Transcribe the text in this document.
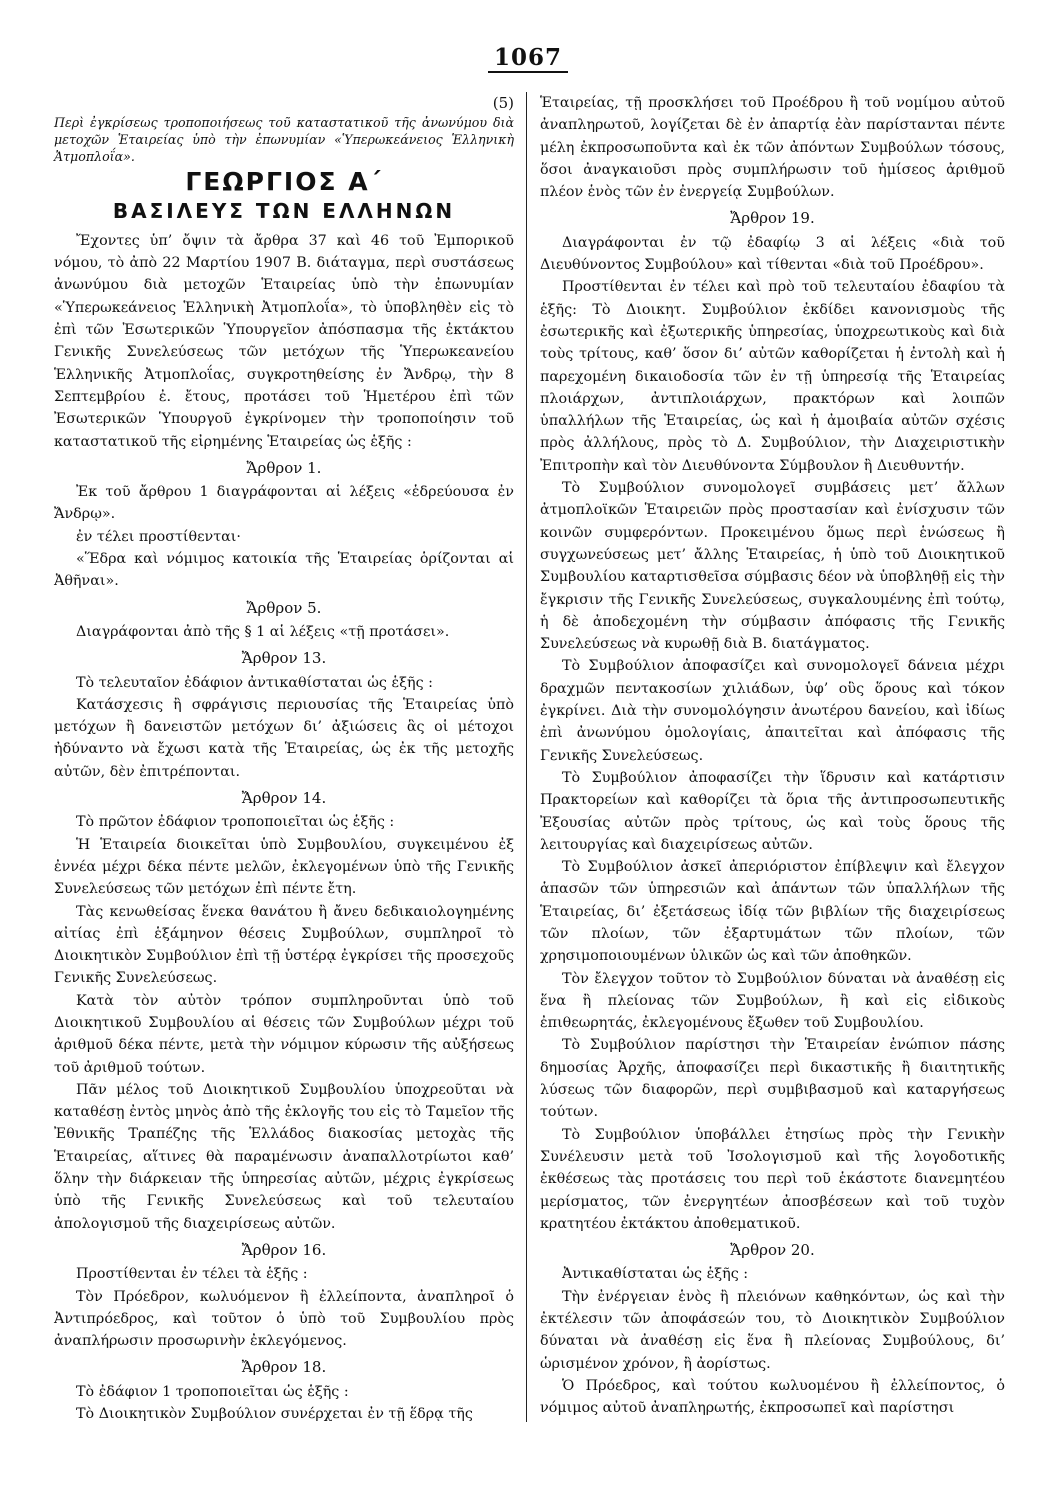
1067

(5)

Περὶ ἐγκρίσεως τροποποιήσεως τοῦ καταστατικοῦ τῆς ἀνωνύμου διὰ μετοχῶν Ἑταιρείας ὑπὸ τὴν ἐπωνυμίαν «Ὑπερωκεάνειος Ἑλληνικὴ Ἀτμοπλοΐα».

ΓΕΩΡΓΙΟΣ Α΄
ΒΑΣΙΛΕΥΣ ΤΩΝ ΕΛΛΗΝΩΝ

Ἔχοντες ὑπ’ ὄψιν τὰ ἄρθρα 37 καὶ 46 τοῦ Ἐμπορικοῦ νόμου, τὸ ἀπὸ 22 Μαρτίου 1907 Β. διάταγμα, περὶ συστάσεως ἀνωνύμου διὰ μετοχῶν Ἑταιρείας ὑπὸ τὴν ἐπωνυμίαν «Ὑπερωκεάνειος Ἑλληνικὴ Ἀτμοπλοΐα», τὸ ὑποβληθὲν εἰς τὸ ἐπὶ τῶν Ἐσωτερικῶν Ὑπουργεῖον ἀπόσπασμα τῆς ἐκτάκτου Γενικῆς Συνελεύσεως τῶν μετόχων τῆς Ὑπερωκεανείου Ἑλληνικῆς Ἀτμοπλοΐας, συγκροτηθείσης ἐν Ἄνδρῳ, τὴν 8 Σεπτεμβρίου ἐ. ἔτους, προτάσει τοῦ Ἡμετέρου ἐπὶ τῶν Ἐσωτερικῶν Ὑπουργοῦ ἐγκρίνομεν τὴν τροποποίησιν τοῦ καταστατικοῦ τῆς εἰρημένης Ἑταιρείας ὡς ἑξῆς :

Ἄρθρον 1.

Ἐκ τοῦ ἄρθρου 1 διαγράφονται αἱ λέξεις «ἑδρεύουσα ἐν Ἄνδρῳ».

ἐν τέλει προστίθενται·

«Ἕδρα καὶ νόμιμος κατοικία τῆς Ἑταιρείας ὁρίζονται αἱ Ἀθῆναι».

Ἄρθρον 5.

Διαγράφονται ἀπὸ τῆς § 1 αἱ λέξεις «τῇ προτάσει».

Ἄρθρον 13.

Τὸ τελευταῖον ἐδάφιον ἀντικαθίσταται ὡς ἑξῆς :

Κατάσχεσις ἢ σφράγισις περιουσίας τῆς Ἑταιρείας ὑπὸ μετόχων ἢ δανειστῶν μετόχων δι’ ἀξιώσεις ἃς οἱ μέτοχοι ἠδύναντο νὰ ἔχωσι κατὰ τῆς Ἑταιρείας, ὡς ἐκ τῆς μετοχῆς αὐτῶν, δὲν ἐπιτρέπονται.

Ἄρθρον 14.

Τὸ πρῶτον ἐδάφιον τροποποιεῖται ὡς ἑξῆς :

Ἡ Ἑταιρεία διοικεῖται ὑπὸ Συμβουλίου, συγκειμένου ἐξ ἐννέα μέχρι δέκα πέντε μελῶν, ἐκλεγομένων ὑπὸ τῆς Γενικῆς Συνελεύσεως τῶν μετόχων ἐπὶ πέντε ἔτη.

Τὰς κενωθείσας ἕνεκα θανάτου ἢ ἄνευ δεδικαιολογημένης αἰτίας ἐπὶ ἑξάμηνον θέσεις Συμβούλων, συμπληροῖ τὸ Διοικητικὸν Συμβούλιον ἐπὶ τῇ ὑστέρᾳ ἐγκρίσει τῆς προσεχοῦς Γενικῆς Συνελεύσεως.

Κατὰ τὸν αὐτὸν τρόπον συμπληροῦνται ὑπὸ τοῦ Διοικητικοῦ Συμβουλίου αἱ θέσεις τῶν Συμβούλων μέχρι τοῦ ἀριθμοῦ δέκα πέντε, μετὰ τὴν νόμιμον κύρωσιν τῆς αὐξήσεως τοῦ ἀριθμοῦ τούτων.

Πᾶν μέλος τοῦ Διοικητικοῦ Συμβουλίου ὑποχρεοῦται νὰ καταθέσῃ ἐντὸς μηνὸς ἀπὸ τῆς ἐκλογῆς του εἰς τὸ Ταμεῖον τῆς Ἐθνικῆς Τραπέζης τῆς Ἑλλάδος διακοσίας μετοχὰς τῆς Ἑταιρείας, αἵτινες θὰ παραμένωσιν ἀναπαλλοτρίωτοι καθ’ ὅλην τὴν διάρκειαν τῆς ὑπηρεσίας αὐτῶν, μέχρις ἐγκρίσεως ὑπὸ τῆς Γενικῆς Συνελεύσεως καὶ τοῦ τελευταίου ἀπολογισμοῦ τῆς διαχειρίσεως αὐτῶν.

Ἄρθρον 16.

Προστίθενται ἐν τέλει τὰ ἑξῆς :

Τὸν Πρόεδρον, κωλυόμενον ἢ ἐλλείποντα, ἀναπληροῖ ὁ Ἀντιπρόεδρος, καὶ τοῦτον ὁ ὑπὸ τοῦ Συμβουλίου πρὸς ἀναπλήρωσιν προσωρινὴν ἐκλεγόμενος.

Ἄρθρον 18.

Τὸ ἐδάφιον 1 τροποποιεῖται ὡς ἑξῆς :

Τὸ Διοικητικὸν Συμβούλιον συνέρχεται ἐν τῇ ἕδρᾳ τῆς

Ἑταιρείας, τῇ προσκλήσει τοῦ Προέδρου ἢ τοῦ νομίμου αὐτοῦ ἀναπληρωτοῦ, λογίζεται δὲ ἐν ἀπαρτίᾳ ἐὰν παρίστανται πέντε μέλη ἐκπροσωποῦντα καὶ ἐκ τῶν ἀπόντων Συμβούλων τόσους, ὅσοι ἀναγκαιοῦσι πρὸς συμπλήρωσιν τοῦ ἡμίσεος ἀριθμοῦ πλέον ἑνὸς τῶν ἐν ἐνεργείᾳ Συμβούλων.

Ἄρθρον 19.

Διαγράφονται ἐν τῷ ἐδαφίῳ 3 αἱ λέξεις «διὰ τοῦ Διευθύνοντος Συμβούλου» καὶ τίθενται «διὰ τοῦ Προέδρου».

Προστίθενται ἐν τέλει καὶ πρὸ τοῦ τελευταίου ἐδαφίου τὰ ἑξῆς: Τὸ Διοικητ. Συμβούλιον ἐκδίδει κανονισμοὺς τῆς ἐσωτερικῆς καὶ ἐξωτερικῆς ὑπηρεσίας, ὑποχρεωτικοὺς καὶ διὰ τοὺς τρίτους, καθ’ ὅσον δι’ αὐτῶν καθορίζεται ἡ ἐντολὴ καὶ ἡ παρεχομένη δικαιοδοσία τῶν ἐν τῇ ὑπηρεσίᾳ τῆς Ἑταιρείας πλοιάρχων, ἀντιπλοιάρχων, πρακτόρων καὶ λοιπῶν ὑπαλλήλων τῆς Ἑταιρείας, ὡς καὶ ἡ ἀμοιβαία αὐτῶν σχέσις πρὸς ἀλλήλους, πρὸς τὸ Δ. Συμβούλιον, τὴν Διαχειριστικὴν Ἐπιτροπὴν καὶ τὸν Διευθύνοντα Σύμβουλον ἢ Διευθυντήν.

Τὸ Συμβούλιον συνομολογεῖ συμβάσεις μετ’ ἄλλων ἀτμοπλοϊκῶν Ἑταιρειῶν πρὸς προστασίαν καὶ ἐνίσχυσιν τῶν κοινῶν συμφερόντων. Προκειμένου ὅμως περὶ ἑνώσεως ἢ συγχωνεύσεως μετ’ ἄλλης Ἑταιρείας, ἡ ὑπὸ τοῦ Διοικητικοῦ Συμβουλίου καταρτισθεῖσα σύμβασις δέον νὰ ὑποβληθῇ εἰς τὴν ἔγκρισιν τῆς Γενικῆς Συνελεύσεως, συγκαλουμένης ἐπὶ τούτῳ, ἡ δὲ ἀποδεχομένη τὴν σύμβασιν ἀπόφασις τῆς Γενικῆς Συνελεύσεως νὰ κυρωθῇ διὰ Β. διατάγματος.

Τὸ Συμβούλιον ἀποφασίζει καὶ συνομολογεῖ δάνεια μέχρι δραχμῶν πεντακοσίων χιλιάδων, ὑφ’ οὓς ὅρους καὶ τόκον ἐγκρίνει. Διὰ τὴν συνομολόγησιν ἀνωτέρου δανείου, καὶ ἰδίως ἐπὶ ἀνωνύμου ὁμολογίαις, ἀπαιτεῖται καὶ ἀπόφασις τῆς Γενικῆς Συνελεύσεως.

Τὸ Συμβούλιον ἀποφασίζει τὴν ἵδρυσιν καὶ κατάρτισιν Πρακτορείων καὶ καθορίζει τὰ ὅρια τῆς ἀντιπροσωπευτικῆς Ἐξουσίας αὐτῶν πρὸς τρίτους, ὡς καὶ τοὺς ὅρους τῆς λειτουργίας καὶ διαχειρίσεως αὐτῶν.

Τὸ Συμβούλιον ἀσκεῖ ἀπεριόριστον ἐπίβλεψιν καὶ ἔλεγχον ἁπασῶν τῶν ὑπηρεσιῶν καὶ ἁπάντων τῶν ὑπαλλήλων τῆς Ἑταιρείας, δι’ ἐξετάσεως ἰδίᾳ τῶν βιβλίων τῆς διαχειρίσεως τῶν πλοίων, τῶν ἐξαρτυμάτων τῶν πλοίων, τῶν χρησιμοποιουμένων ὑλικῶν ὡς καὶ τῶν ἀποθηκῶν.

Τὸν ἔλεγχον τοῦτον τὸ Συμβούλιον δύναται νὰ ἀναθέσῃ εἰς ἕνα ἢ πλείονας τῶν Συμβούλων, ἢ καὶ εἰς εἰδικοὺς ἐπιθεωρητάς, ἐκλεγομένους ἔξωθεν τοῦ Συμβουλίου.

Τὸ Συμβούλιον παρίστησι τὴν Ἑταιρείαν ἐνώπιον πάσης δημοσίας Ἀρχῆς, ἀποφασίζει περὶ δικαστικῆς ἢ διαιτητικῆς λύσεως τῶν διαφορῶν, περὶ συμβιβασμοῦ καὶ καταργήσεως τούτων.

Τὸ Συμβούλιον ὑποβάλλει ἐτησίως πρὸς τὴν Γενικὴν Συνέλευσιν μετὰ τοῦ Ἰσολογισμοῦ καὶ τῆς λογοδοτικῆς ἐκθέσεως τὰς προτάσεις του περὶ τοῦ ἑκάστοτε διανεμητέου μερίσματος, τῶν ἐνεργητέων ἀποσβέσεων καὶ τοῦ τυχὸν κρατητέου ἐκτάκτου ἀποθεματικοῦ.

Ἄρθρον 20.

Ἀντικαθίσταται ὡς ἑξῆς :

Τὴν ἐνέργειαν ἑνὸς ἢ πλειόνων καθηκόντων, ὡς καὶ τὴν ἐκτέλεσιν τῶν ἀποφάσεών του, τὸ Διοικητικὸν Συμβούλιον δύναται νὰ ἀναθέσῃ εἰς ἕνα ἢ πλείονας Συμβούλους, δι’ ὡρισμένον χρόνον, ἢ ἀορίστως.

Ὁ Πρόεδρος, καὶ τούτου κωλυομένου ἢ ἐλλείποντος, ὁ νόμιμος αὐτοῦ ἀναπληρωτής, ἐκπροσωπεῖ καὶ παρίστησι
